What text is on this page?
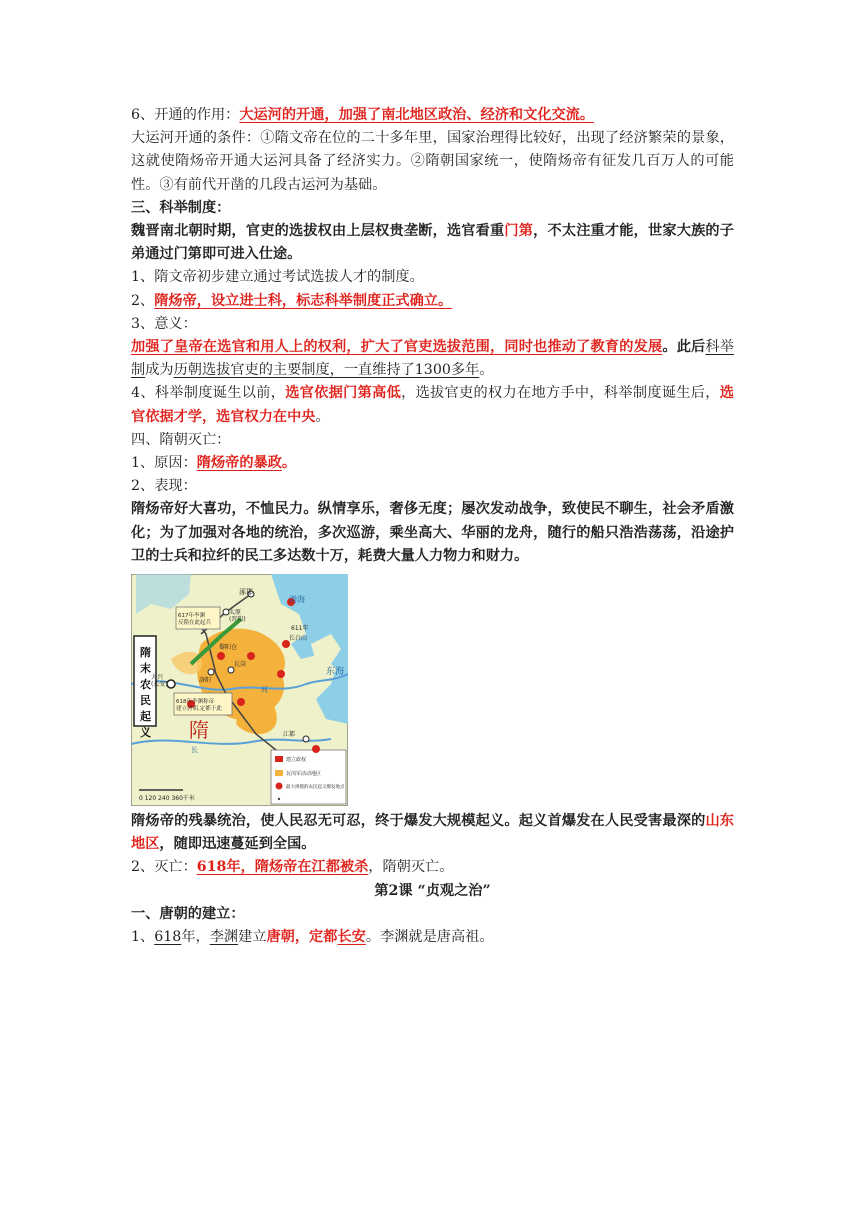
6、开通的作用：大运河的开通，加强了南北地区政治、经济和文化交流。

大运河开通的条件：①隋文帝在位的二十多年里，国家治理得比较好，出现了经济繁荣的景象，这就使隋炀帝开通大运河具备了经济实力。②隋朝国家统一，使隋炀帝有征发几百万人的可能性。③有前代开凿的几段古运河为基础。

三、科举制度：

魏晋南北朝时期，官吏的选拔权由上层权贵垄断，选官看重门第，不太注重才能，世家大族的子弟通过门第即可进入仕途。

1、隋文帝初步建立通过考试选拔人才的制度。

2、隋炀帝，设立进士科，标志科举制度正式确立。

3、意义：

加强了皇帝在选官和用人上的权利，扩大了官吏选拔范围，同时也推动了教育的发展。此后科举制成为历朝选拔官吏的主要制度，一直维持了1300多年。

4、科举制度诞生以前，选官依据门第高低，选拔官吏的权力在地方手中，科举制度诞生后，选官依据才学，选官权力在中央。

四、隋朝灭亡：

1、原因：隋炀帝的暴政。

2、表现：

隋炀帝好大喜功，不恤民力。纵情享乐，奢侈无度；屡次发动战争，致使民不聊生，社会矛盾激化；为了加强对各地的统治，多次巡游，乘坐高大、华丽的龙舟，随行的船只浩浩荡荡，沿途护卫的士兵和拉纤的民工多达数十万，耗费大量人力物力和财力。

隋 末 农 民 起 义 隋
涿郡
太原(晋阳)
大兴(长安)
洛阳
黎阳仓
瓦岗
长白山
江都
617年李渊反隋在此起兵
618年李渊称帝建立唐朝,定都于此
611年
渤海
东海
河
长
建立政权
瓦岗军活动地区
最大规模的农民起义爆发地点
0 120 240 360千米

隋炀帝的残暴统治，使人民忍无可忍，终于爆发大规模起义。起义首爆发在人民受害最深的山东地区，随即迅速蔓延到全国。

2、灭亡：618年，隋炀帝在江都被杀，隋朝灭亡。

第2课 “贞观之治”

一、唐朝的建立：

1、618年，李渊建立唐朝，定都长安。李渊就是唐高祖。
